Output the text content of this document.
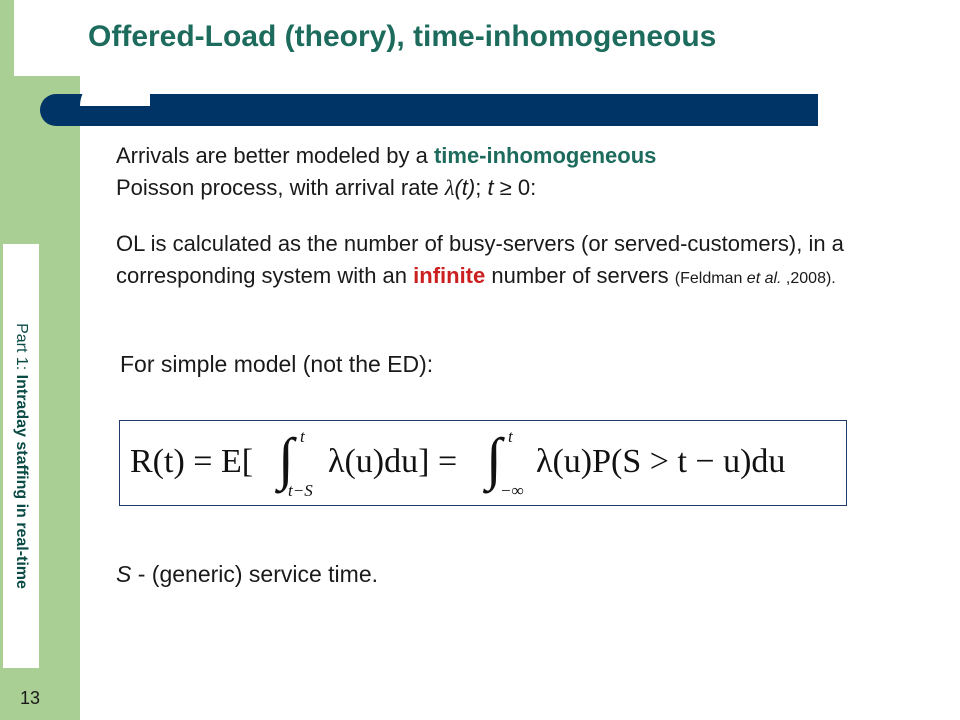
Part 1: Intraday staffing in real-time
13
Offered-Load (theory), time-inhomogeneous
Arrivals are better modeled by a time-inhomogeneous
Poisson process, with arrival rate λ(t); t ≥ 0:
OL is calculated as the number of busy-servers (or served-customers), in a corresponding system with an infinite number of servers (Feldman et al. ,2008).
For simple model (not the ED):
R(t) = E[ ∫ t
t−S
λ(u)du] = ∫ t
−∞
λ(u)P(S > t − u)du
S - (generic) service time.
